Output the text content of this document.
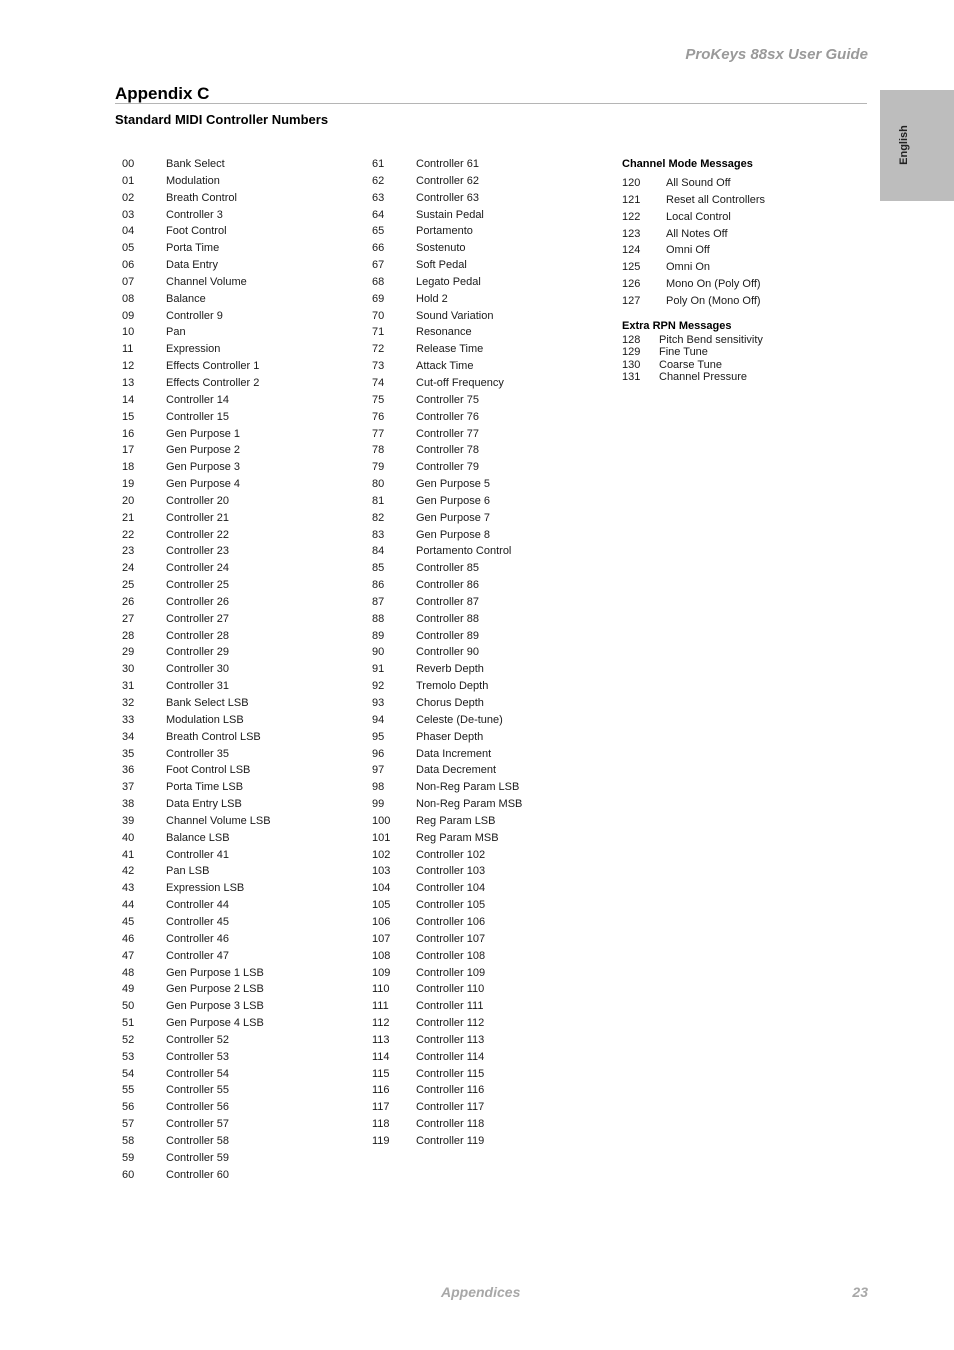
ProKeys 88sx User Guide
Appendix C
Standard MIDI Controller Numbers
English
00	Bank Select
01	Modulation
02	Breath Control
03	Controller 3
04	Foot Control
05	Porta Time
06	Data Entry
07	Channel Volume
08	Balance
09	Controller 9
10	Pan
11	Expression
12	Effects Controller 1
13	Effects Controller 2
14	Controller 14
15	Controller 15
16	Gen Purpose 1
17	Gen Purpose 2
18	Gen Purpose 3
19	Gen Purpose 4
20	Controller 20
21	Controller 21
22	Controller 22
23	Controller 23
24	Controller 24
25	Controller 25
26	Controller 26
27	Controller 27
28	Controller 28
29	Controller 29
30	Controller 30
31	Controller 31
32	Bank Select LSB
33	Modulation LSB
34	Breath Control LSB
35	Controller 35
36	Foot Control LSB
37	Porta Time LSB
38	Data Entry LSB
39	Channel Volume LSB
40	Balance LSB
41	Controller 41
42	Pan LSB
43	Expression LSB
44	Controller 44
45	Controller 45
46	Controller 46
47	Controller 47
48	Gen Purpose 1 LSB
49	Gen Purpose 2 LSB
50	Gen Purpose 3 LSB
51	Gen Purpose 4 LSB
52	Controller 52
53	Controller 53
54	Controller 54
55	Controller 55
56	Controller 56
57	Controller 57
58	Controller 58
59	Controller 59
60	Controller 60
61	Controller 61
62	Controller 62
63	Controller 63
64	Sustain Pedal
65	Portamento
66	Sostenuto
67	Soft Pedal
68	Legato Pedal
69	Hold 2
70	Sound Variation
71	Resonance
72	Release Time
73	Attack Time
74	Cut-off Frequency
75	Controller 75
76	Controller 76
77	Controller 77
78	Controller 78
79	Controller 79
80	Gen Purpose 5
81	Gen Purpose 6
82	Gen Purpose 7
83	Gen Purpose 8
84	Portamento Control
85	Controller 85
86	Controller 86
87	Controller 87
88	Controller 88
89	Controller 89
90	Controller 90
91	Reverb Depth
92	Tremolo Depth
93	Chorus Depth
94	Celeste (De-tune)
95	Phaser Depth
96	Data Increment
97	Data Decrement
98	Non-Reg Param LSB
99	Non-Reg Param MSB
100 Reg Param LSB
101 Reg Param MSB
102 Controller 102
103 Controller 103
104 Controller 104
105 Controller 105
106 Controller 106
107 Controller 107
108 Controller 108
109 Controller 109
110 Controller 110
111 Controller 111
112 Controller 112
113 Controller 113
114 Controller 114
115 Controller 115
116 Controller 116
117 Controller 117
118 Controller 118
119 Controller 119
Channel Mode Messages
120 All Sound Off
121 Reset all Controllers
122 Local Control
123 All Notes Off
124 Omni Off
125 Omni On
126 Mono On (Poly Off)
127 Poly On (Mono Off)
Extra RPN Messages
128 Pitch Bend sensitivity
129 Fine Tune
130 Coarse Tune
131 Channel Pressure
Appendices	23
